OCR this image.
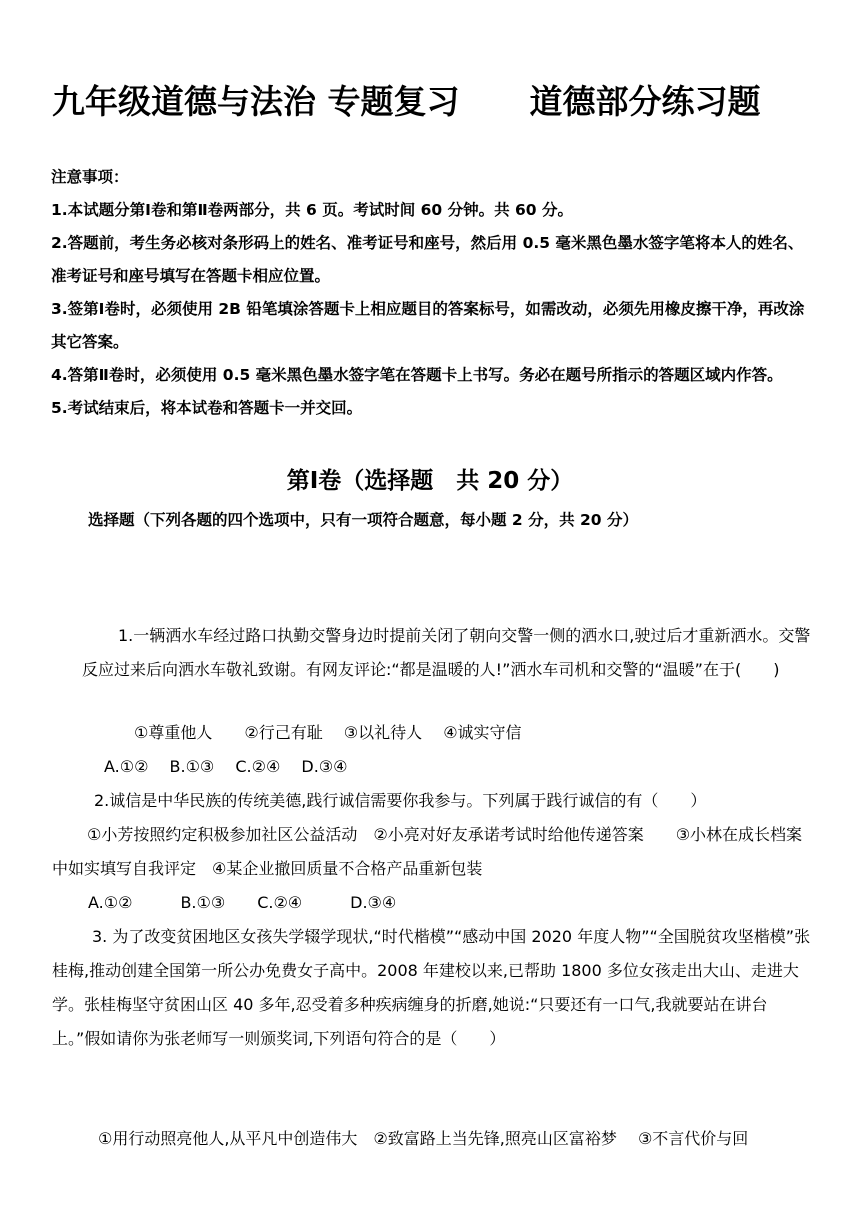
九年级道德与法治 专题复习 道德部分练习题

注意事项：

1.本试题分第Ⅰ卷和第Ⅱ卷两部分，共 6 页。考试时间 60 分钟。共 60 分。

2.答题前，考生务必核对条形码上的姓名、准考证号和座号，然后用 0.5 毫米黑色墨水签字笔将本人的姓名、准考证号和座号填写在答题卡相应位置。

3.签第Ⅰ卷时，必须使用 2B 铅笔填涂答题卡上相应题目的答案标号，如需改动，必须先用橡皮擦干净，再改涂其它答案。

4.答第Ⅱ卷时，必须使用 0.5 毫米黑色墨水签字笔在答题卡上书写。务必在题号所指示的答题区域内作答。

5.考试结束后，将本试卷和答题卡一并交回。

第Ⅰ卷（选择题　共 20 分）
选择题（下列各题的四个选项中，只有一项符合题意，每小题 2 分，共 20 分）
1.一辆洒水车经过路口执勤交警身边时提前关闭了朝向交警一侧的洒水口,驶过后才重新洒水。交警反应过来后向洒水车敬礼致谢。有网友评论:“都是温暖的人!”洒水车司机和交警的“温暖”在于(　　)
①尊重他人　　②行己有耻　 ③以礼待人　 ④诚实守信
A.①②　 B.①③　 C.②④　 D.③④
2.诚信是中华民族的传统美德,践行诚信需要你我参与。下列属于践行诚信的有（　　）
①小芳按照约定积极参加社区公益活动　②小亮对好友承诺考试时给他传递答案　　③小林在成长档案中如实填写自我评定　④某企业撤回质量不合格产品重新包装
A.①②　　　B.①③　　C.②④　　　D.③④
3. 为了改变贫困地区女孩失学辍学现状,“时代楷模”“感动中国 2020 年度人物”“全国脱贫攻坚楷模”张桂梅,推动创建全国第一所公办免费女子高中。2008 年建校以来,已帮助 1800 多位女孩走出大山、走进大学。张桂梅坚守贫困山区 40 多年,忍受着多种疾病缠身的折磨,她说:“只要还有一口气,我就要站在讲台上。”假如请你为张老师写一则颁奖词,下列语句符合的是（　　）
①用行动照亮他人,从平凡中创造伟大　②致富路上当先锋,照亮山区富裕梦　 ③不言代价与回
